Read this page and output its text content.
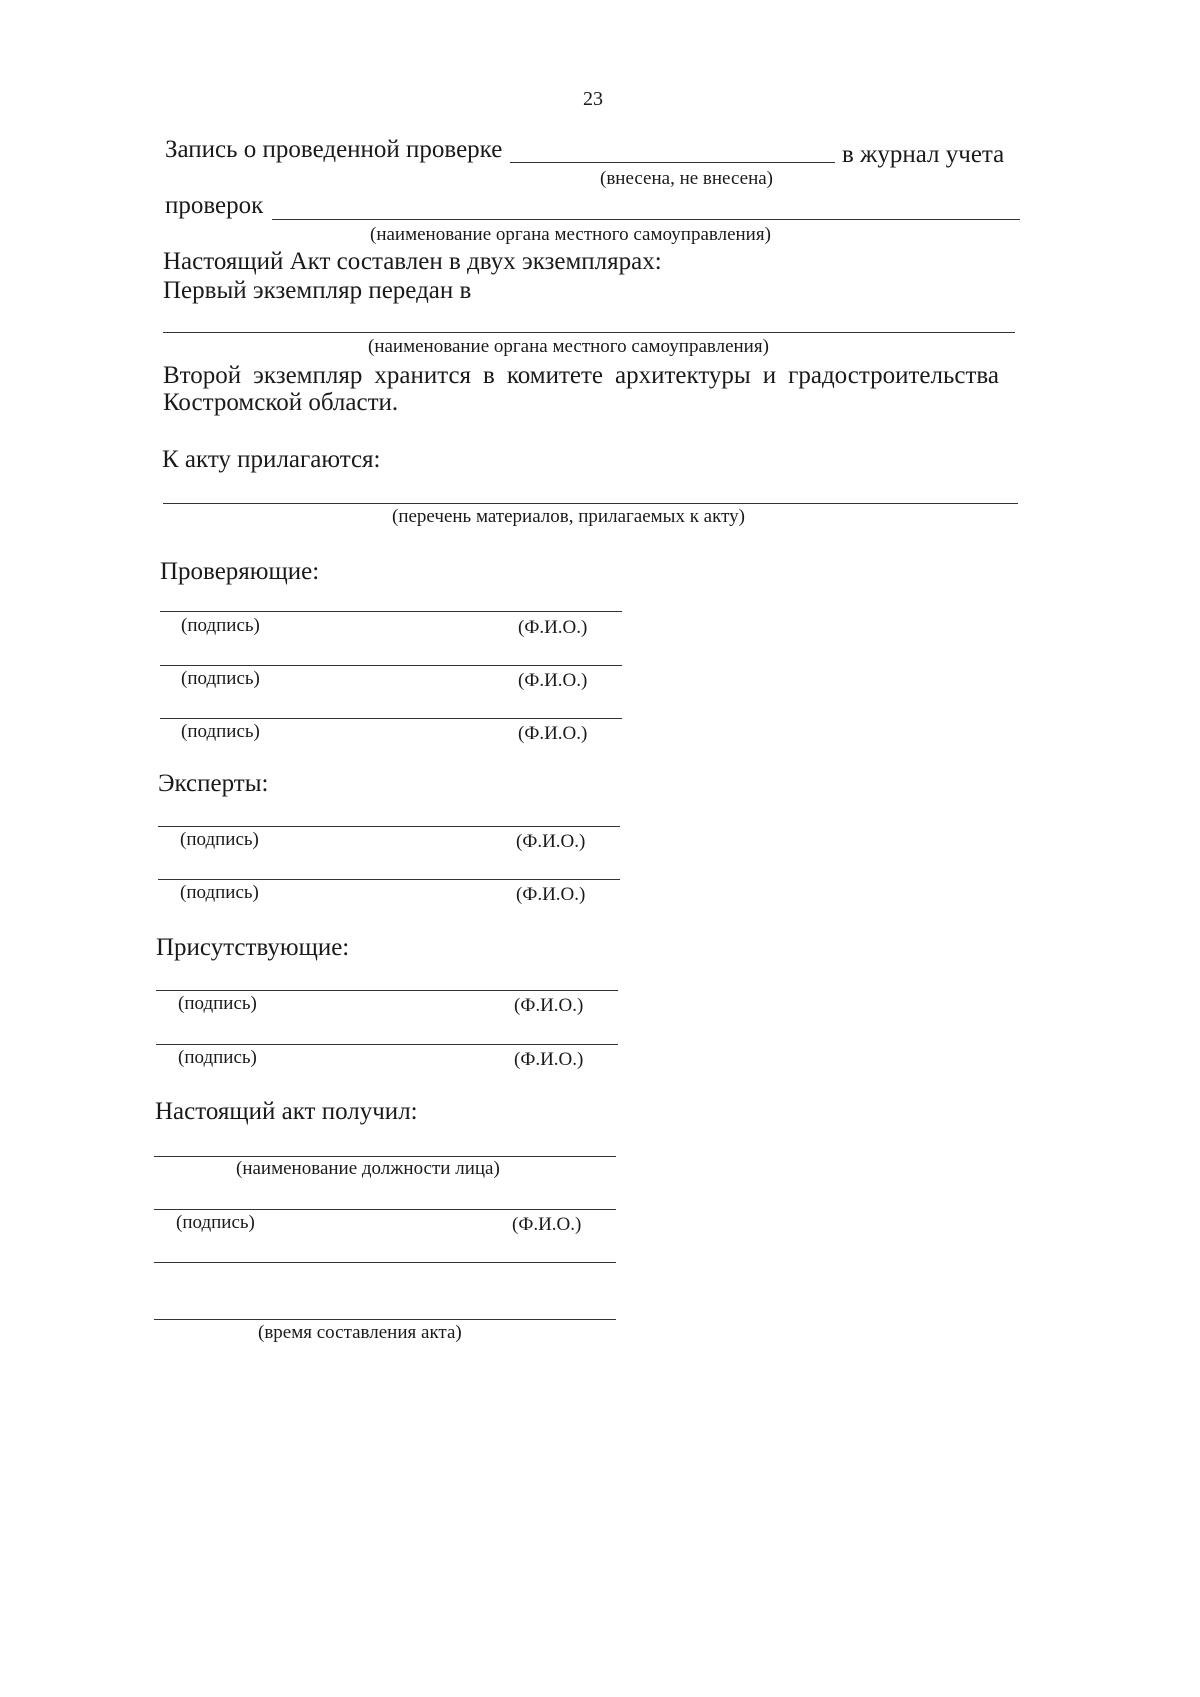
23
Запись о проведенной проверке	в журнал учета
(внесена, не внесена)
проверок
(наименование органа местного самоуправления)
Настоящий Акт составлен в двух экземплярах:
Первый экземпляр передан в
(наименование органа местного самоуправления)
Второй экземпляр хранится в комитете архитектуры и градостроительства
Костромской области.
К акту прилагаются:
(перечень материалов, прилагаемых к акту)
Проверяющие:
(подпись)	(Ф.И.О.)
(подпись)	(Ф.И.О.)
(подпись)	(Ф.И.О.)
Эксперты:
(подпись)	(Ф.И.О.)
(подпись)	(Ф.И.О.)
Присутствующие:
(подпись)	(Ф.И.О.)
(подпись)	(Ф.И.О.)
Настоящий акт получил:
(наименование должности лица)
(подпись)	(Ф.И.О.)
(время составления акта)
